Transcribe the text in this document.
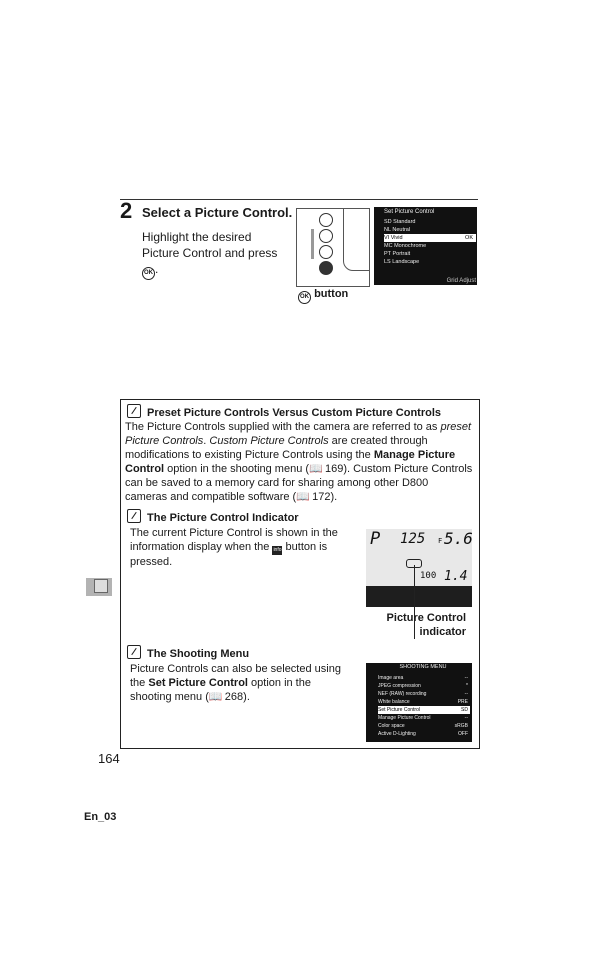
2 Select a Picture Control.
Highlight the desired
Picture Control and press
OK .
OK button
Set Picture Control
SD Standard
NL Neutral
VI Vivid	OK
MC Monochrome
PT Portrait
LS Landscape
Grid Adjust
Preset Picture Controls Versus Custom Picture Controls
The Picture Controls supplied with the camera are referred to as preset Picture Controls. Custom Picture Controls are created through modifications to existing Picture Controls using the Manage Picture Control option in the shooting menu (📖  169). Custom Picture Controls can be saved to a memory card for sharing among other D800 cameras and compatible software (📖  172).
The Picture Control Indicator
The current Picture Control is shown in the
information display when the info button is
pressed.
The Shooting Menu
Picture Controls can also be selected using
the Set Picture Control option in the
shooting menu (📖  268).
P 125 F 5.6
100 1.4
Picture Control
indicator
SHOOTING MENU
Image area	--
JPEG compression	*
NEF (RAW) recording	--
White balance	PRE
Set Picture Control	SD
Manage Picture Control	--
Color space	sRGB
Active D-Lighting	OFF
164
En_03
